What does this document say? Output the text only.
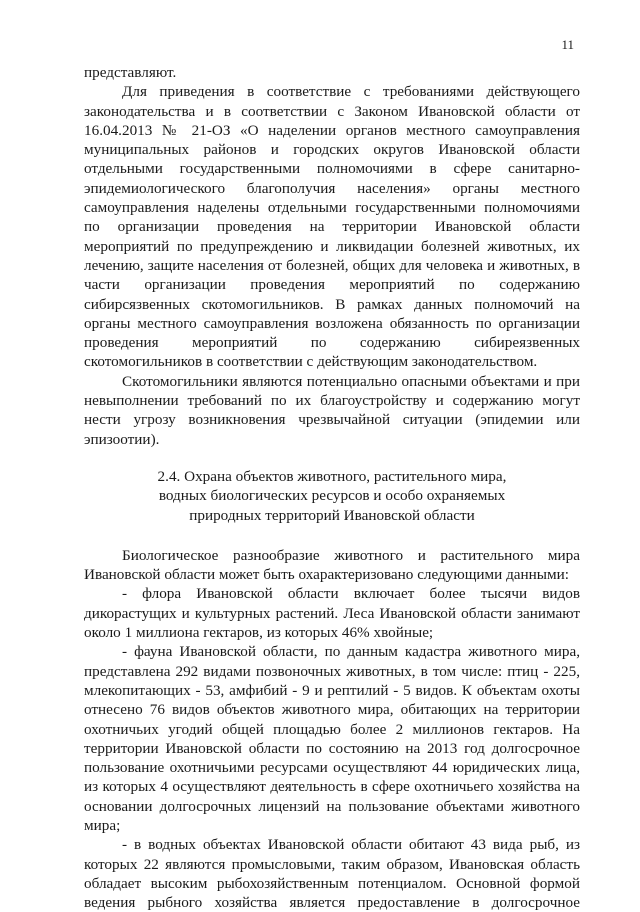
11

представляют.

Для приведения в соответствие с требованиями действующего законодательства и в соответствии с Законом Ивановской области от 16.04.2013 № 21-ОЗ «О наделении органов местного самоуправления муниципальных районов и городских округов Ивановской области отдельными государственными полномочиями в сфере санитарно-эпидемиологического благополучия населения» органы местного самоуправления наделены отдельными государственными полномочиями по организации проведения на территории Ивановской области мероприятий по предупреждению и ликвидации болезней животных, их лечению, защите населения от болезней, общих для человека и животных, в части организации проведения мероприятий по содержанию сибирсязвенных скотомогильников. В рамках данных полномочий на органы местного самоуправления возложена обязанность по организации проведения мероприятий по содержанию сибиреязвенных скотомогильников в соответствии с действующим законодательством.

Скотомогильники являются потенциально опасными объектами и при невыполнении требований по их благоустройству и содержанию могут нести угрозу возникновения чрезвычайной ситуации (эпидемии или эпизоотии).

2.4. Охрана объектов животного, растительного мира,
водных биологических ресурсов и особо охраняемых
природных территорий Ивановской области

Биологическое разнообразие животного и растительного мира Ивановской области может быть охарактеризовано следующими данными:

- флора Ивановской области включает более тысячи видов дикорастущих и культурных растений. Леса Ивановской области занимают около 1 миллиона гектаров, из которых 46% хвойные;

- фауна Ивановской области, по данным кадастра животного мира, представлена 292 видами позвоночных животных, в том числе: птиц - 225, млекопитающих - 53, амфибий - 9 и рептилий - 5 видов. К объектам охоты отнесено 76 видов объектов животного мира, обитающих на территории охотничьих угодий общей площадью более 2 миллионов гектаров. На территории Ивановской области по состоянию на 2013 год долгосрочное пользование охотничьими ресурсами осуществляют 44 юридических лица, из которых 4 осуществляют деятельность в сфере охотничьего хозяйства на основании долгосрочных лицензий на пользование объектами животного мира;

- в водных объектах Ивановской области обитают 43 вида рыб, из которых 22 являются промысловыми, таким образом, Ивановская область обладает высоким рыбохозяйственным потенциалом. Основной формой ведения рыбного хозяйства является предоставление в долгосрочное
